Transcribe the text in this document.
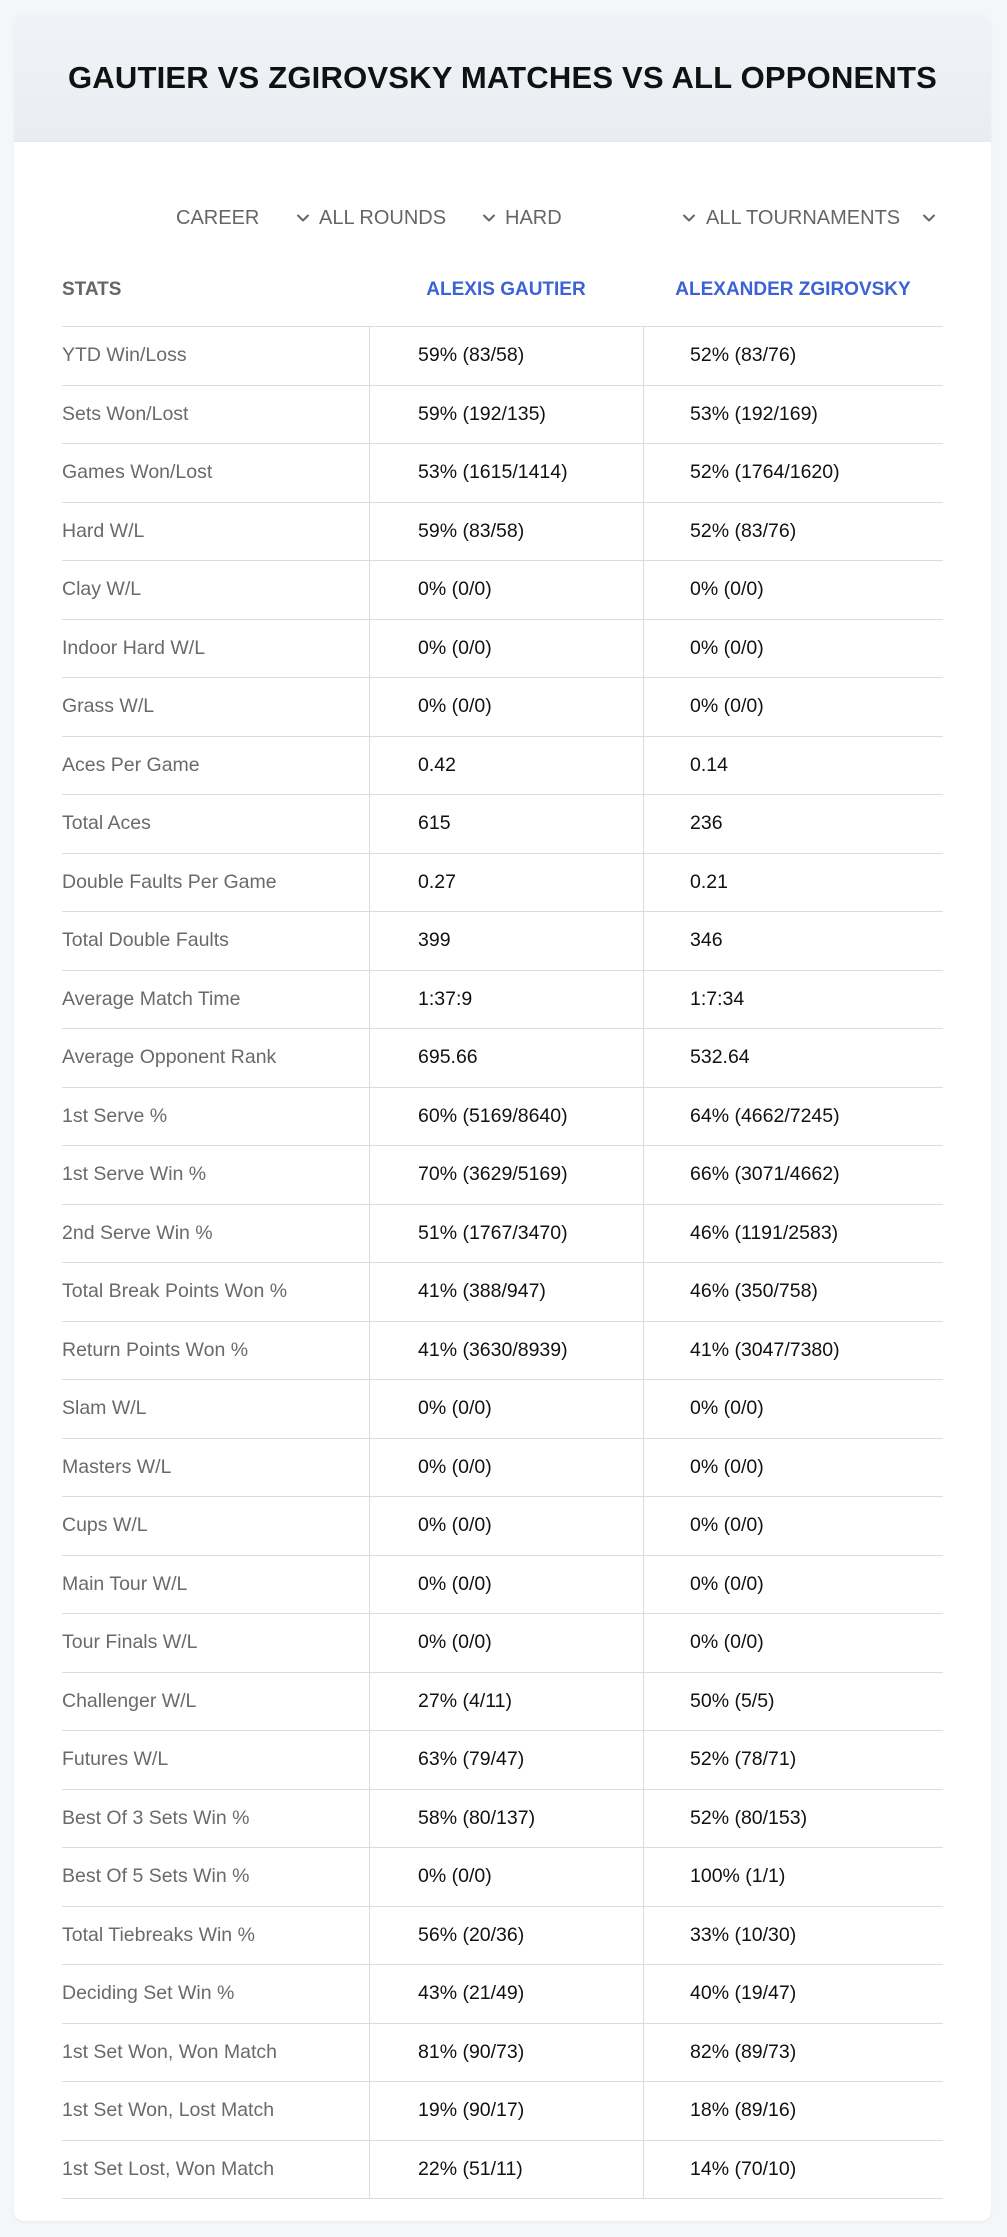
GAUTIER VS ZGIROVSKY MATCHES VS ALL OPPONENTS
CAREER	ALL ROUNDS	HARD	ALL TOURNAMENTS
STATS	ALEXIS GAUTIER	ALEXANDER ZGIROVSKY
YTD Win/Loss	59% (83/58)	52% (83/76)
Sets Won/Lost	59% (192/135)	53% (192/169)
Games Won/Lost	53% (1615/1414)	52% (1764/1620)
Hard W/L	59% (83/58)	52% (83/76)
Clay W/L	0% (0/0)	0% (0/0)
Indoor Hard W/L	0% (0/0)	0% (0/0)
Grass W/L	0% (0/0)	0% (0/0)
Aces Per Game	0.42	0.14
Total Aces	615	236
Double Faults Per Game	0.27	0.21
Total Double Faults	399	346
Average Match Time	1:37:9	1:7:34
Average Opponent Rank	695.66	532.64
1st Serve %	60% (5169/8640)	64% (4662/7245)
1st Serve Win %	70% (3629/5169)	66% (3071/4662)
2nd Serve Win %	51% (1767/3470)	46% (1191/2583)
Total Break Points Won %	41% (388/947)	46% (350/758)
Return Points Won %	41% (3630/8939)	41% (3047/7380)
Slam W/L	0% (0/0)	0% (0/0)
Masters W/L	0% (0/0)	0% (0/0)
Cups W/L	0% (0/0)	0% (0/0)
Main Tour W/L	0% (0/0)	0% (0/0)
Tour Finals W/L	0% (0/0)	0% (0/0)
Challenger W/L	27% (4/11)	50% (5/5)
Futures W/L	63% (79/47)	52% (78/71)
Best Of 3 Sets Win %	58% (80/137)	52% (80/153)
Best Of 5 Sets Win %	0% (0/0)	100% (1/1)
Total Tiebreaks Win %	56% (20/36)	33% (10/30)
Deciding Set Win %	43% (21/49)	40% (19/47)
1st Set Won, Won Match	81% (90/73)	82% (89/73)
1st Set Won, Lost Match	19% (90/17)	18% (89/16)
1st Set Lost, Won Match	22% (51/11)	14% (70/10)
